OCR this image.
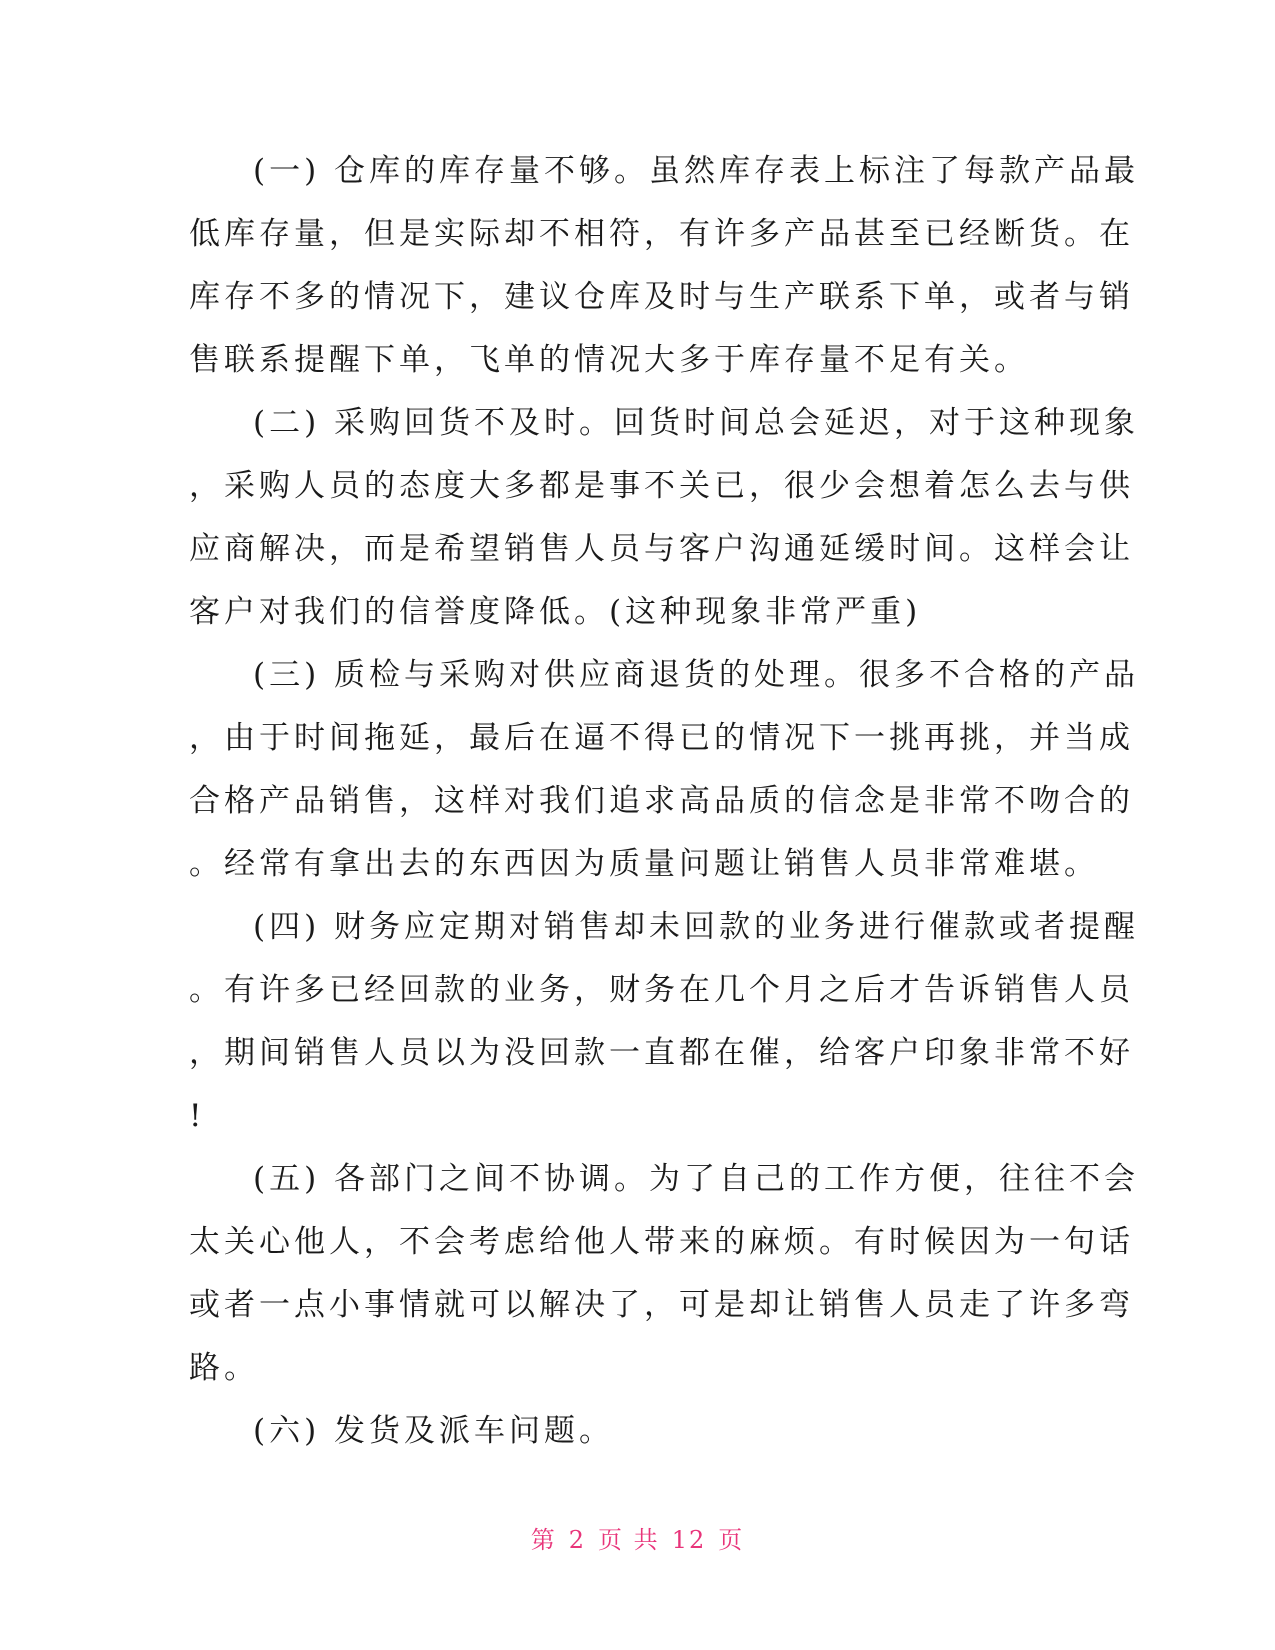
(一) 仓库的库存量不够。虽然库存表上标注了每款产品最
低库存量，但是实际却不相符，有许多产品甚至已经断货。在
库存不多的情况下，建议仓库及时与生产联系下单，或者与销
售联系提醒下单，飞单的情况大多于库存量不足有关。
(二) 采购回货不及时。回货时间总会延迟，对于这种现象
，采购人员的态度大多都是事不关已，很少会想着怎么去与供
应商解决，而是希望销售人员与客户沟通延缓时间。这样会让
客户对我们的信誉度降低。(这种现象非常严重)
(三) 质检与采购对供应商退货的处理。很多不合格的产品
，由于时间拖延，最后在逼不得已的情况下一挑再挑，并当成
合格产品销售，这样对我们追求高品质的信念是非常不吻合的
。经常有拿出去的东西因为质量问题让销售人员非常难堪。
(四) 财务应定期对销售却未回款的业务进行催款或者提醒
。有许多已经回款的业务，财务在几个月之后才告诉销售人员
，期间销售人员以为没回款一直都在催，给客户印象非常不好
!
(五) 各部门之间不协调。为了自己的工作方便，往往不会
太关心他人，不会考虑给他人带来的麻烦。有时候因为一句话
或者一点小事情就可以解决了，可是却让销售人员走了许多弯
路。
(六) 发货及派车问题。
第 2 页 共 12 页
